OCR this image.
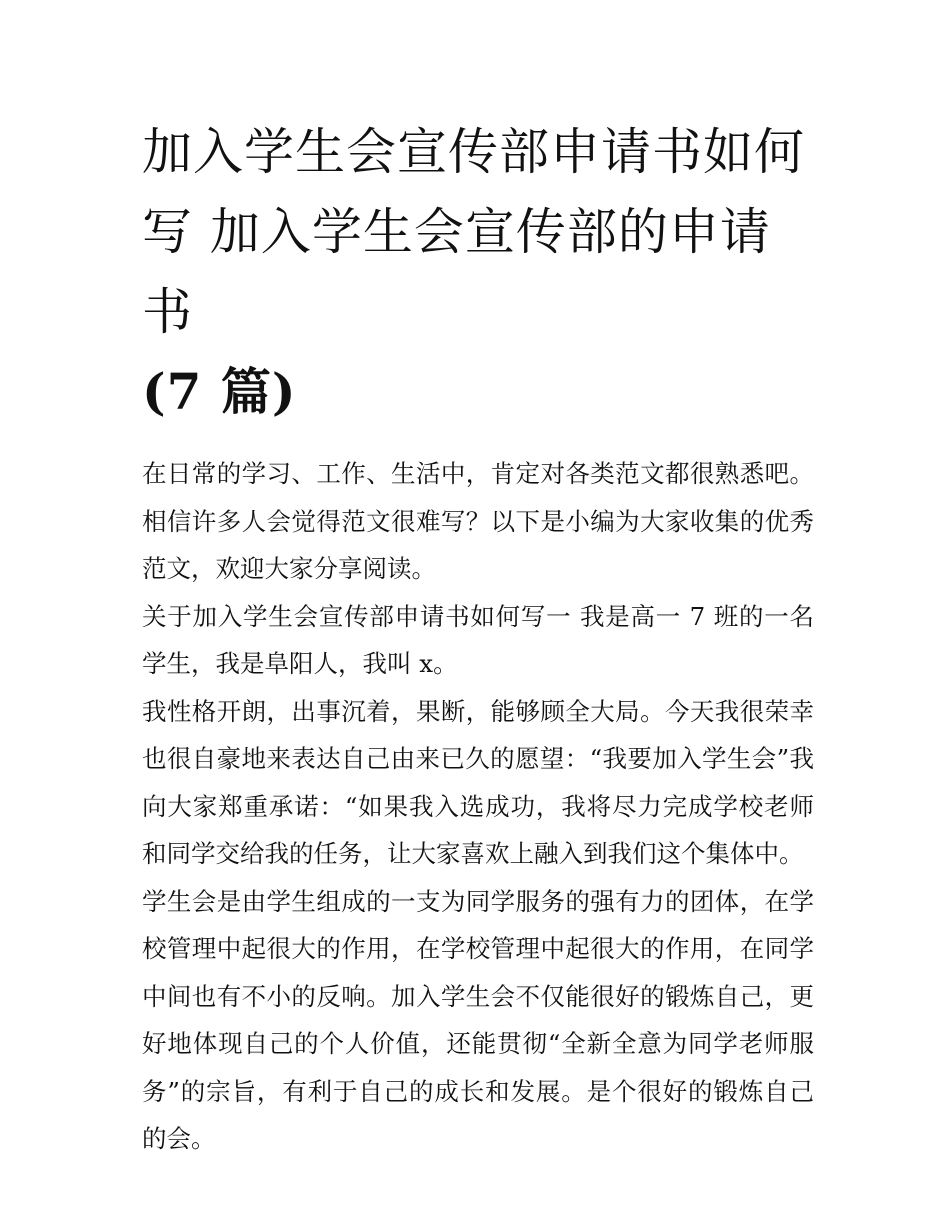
加入学生会宣传部申请书如何
写 加入学生会宣传部的申请书
(7 篇)

在日常的学习、工作、生活中，肯定对各类范文都很熟悉吧。相信许多人会觉得范文很难写？以下是小编为大家收集的优秀范文，欢迎大家分享阅读。

关于加入学生会宣传部申请书如何写一 我是高一 7 班的一名学生，我是阜阳人，我叫 x。

我性格开朗，出事沉着，果断，能够顾全大局。今天我很荣幸也很自豪地来表达自己由来已久的愿望：“我要加入学生会”我向大家郑重承诺：“如果我入选成功，我将尽力完成学校老师和同学交给我的任务，让大家喜欢上融入到我们这个集体中。

学生会是由学生组成的一支为同学服务的强有力的团体，在学校管理中起很大的作用，在学校管理中起很大的作用，在同学中间也有不小的反响。加入学生会不仅能很好的锻炼自己，更好地体现自己的个人价值，还能贯彻“全新全意为同学老师服务”的宗旨，有利于自己的成长和发展。是个很好的锻炼自己的会。
